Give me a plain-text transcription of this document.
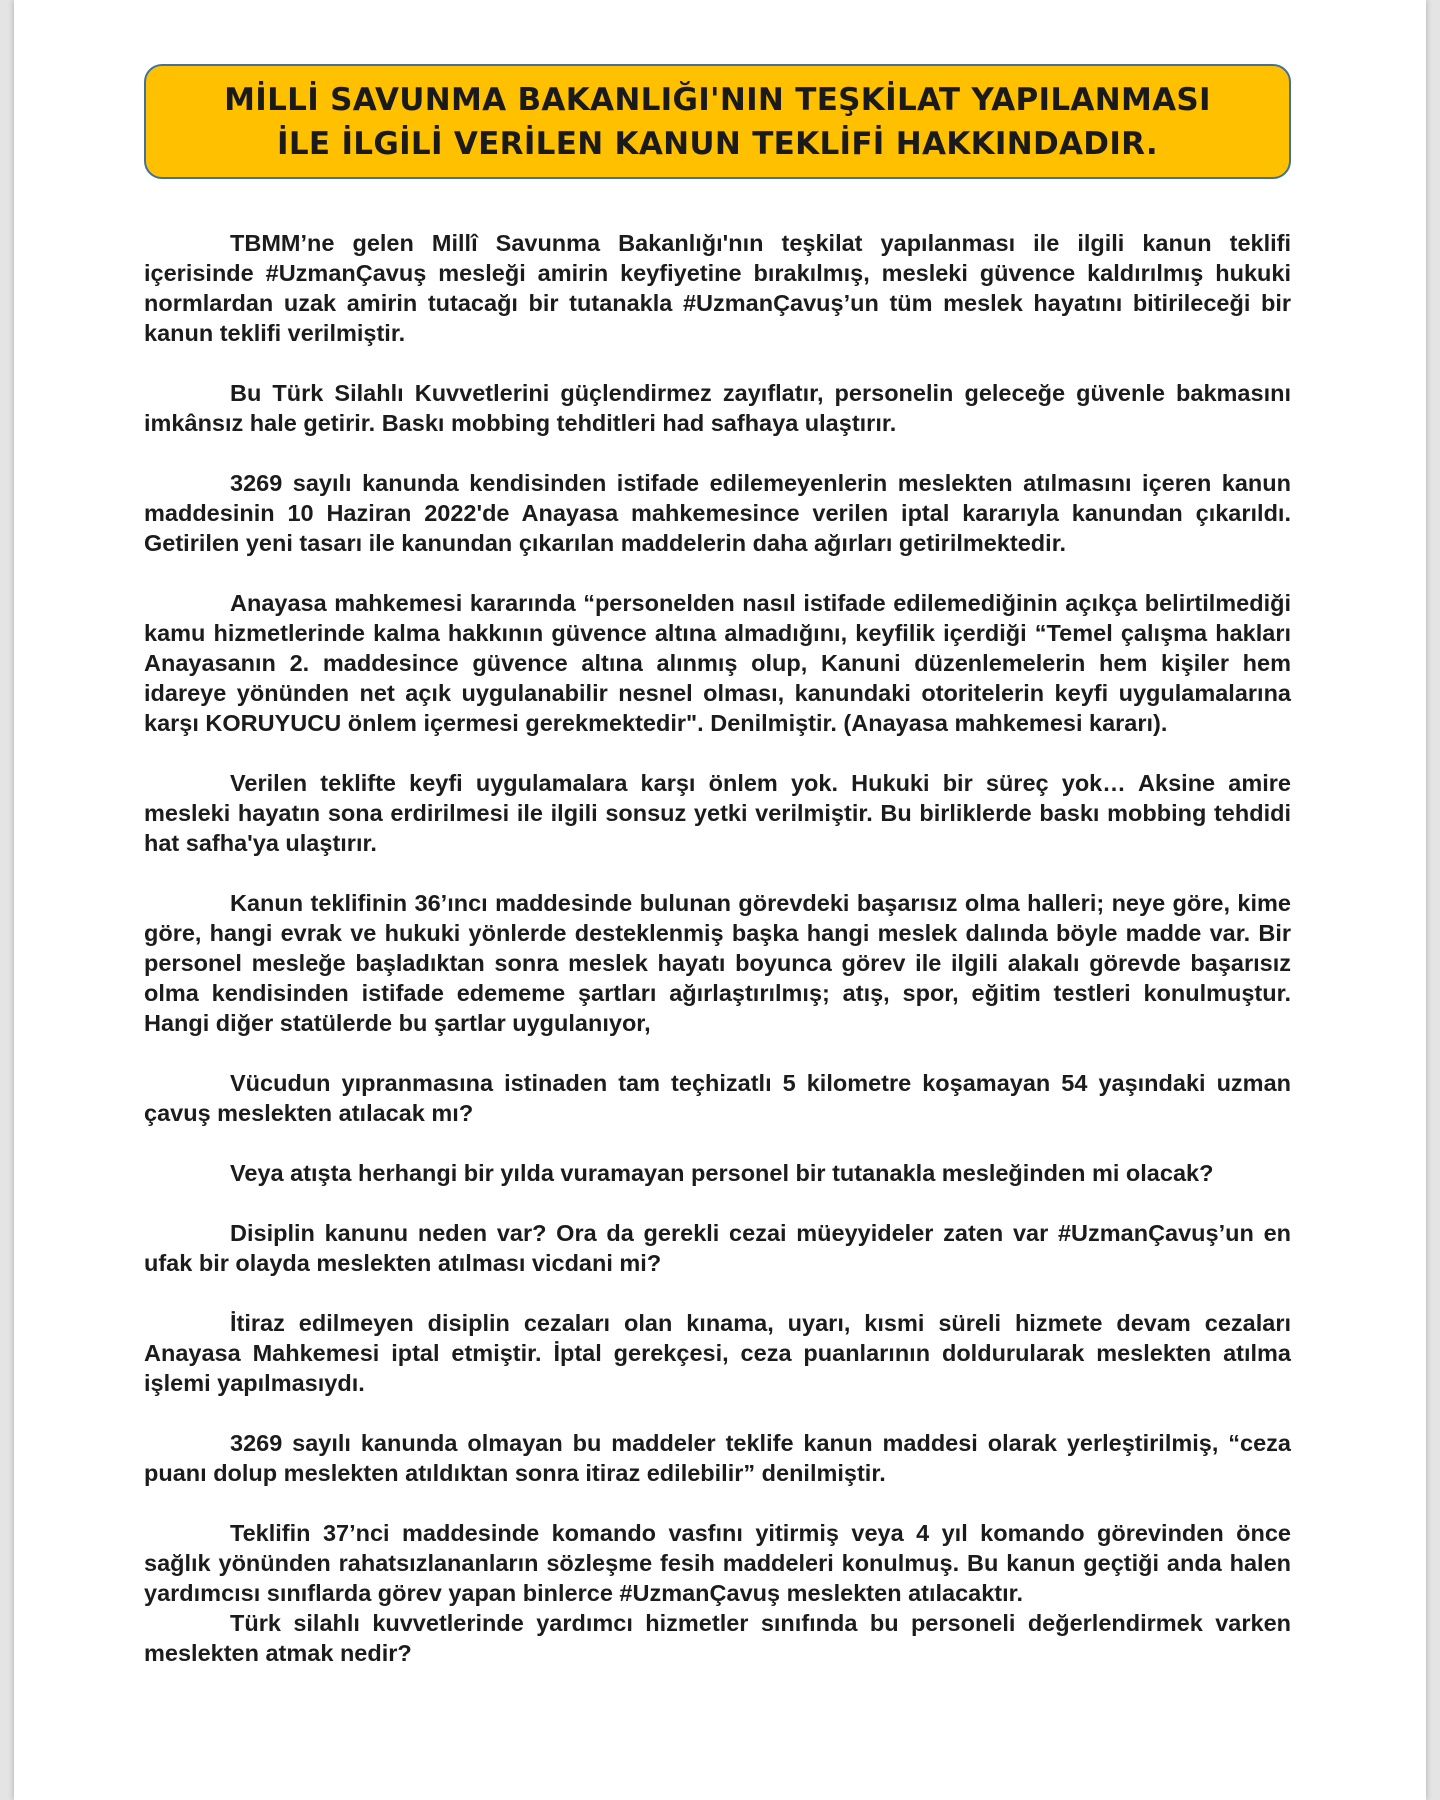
MİLLİ SAVUNMA BAKANLIĞI'NIN TEŞKİLAT YAPILANMASI
İLE İLGİLİ VERİLEN KANUN TEKLİFİ HAKKINDADIR.

TBMM’ne gelen Millî Savunma Bakanlığı'nın teşkilat yapılanması ile ilgili kanun teklifi içerisinde #UzmanÇavuş mesleği amirin keyfiyetine bırakılmış, mesleki güvence kaldırılmış hukuki normlardan uzak amirin tutacağı bir tutanakla #UzmanÇavuş’un tüm meslek hayatını bitirileceği bir kanun teklifi verilmiştir.

Bu Türk Silahlı Kuvvetlerini güçlendirmez zayıflatır, personelin geleceğe güvenle bakmasını imkânsız hale getirir. Baskı mobbing tehditleri had safhaya ulaştırır.

3269 sayılı kanunda kendisinden istifade edilemeyenlerin meslekten atılmasını içeren kanun maddesinin 10 Haziran 2022'de Anayasa mahkemesince verilen iptal kararıyla kanundan çıkarıldı. Getirilen yeni tasarı ile kanundan çıkarılan maddelerin daha ağırları getirilmektedir.

Anayasa mahkemesi kararında “personelden nasıl istifade edilemediğinin açıkça belirtilmediği kamu hizmetlerinde kalma hakkının güvence altına almadığını, keyfilik içerdiği “Temel çalışma hakları Anayasanın 2. maddesince güvence altına alınmış olup, Kanuni düzenlemelerin hem kişiler hem idareye yönünden net açık uygulanabilir nesnel olması, kanundaki otoritelerin keyfi uygulamalarına karşı KORUYUCU önlem içermesi gerekmektedir". Denilmiştir. (Anayasa mahkemesi kararı).

Verilen teklifte keyfi uygulamalara karşı önlem yok. Hukuki bir süreç yok… Aksine amire mesleki hayatın sona erdirilmesi ile ilgili sonsuz yetki verilmiştir. Bu birliklerde baskı mobbing tehdidi hat safha'ya ulaştırır.

Kanun teklifinin 36’ıncı maddesinde bulunan görevdeki başarısız olma halleri; neye göre, kime göre, hangi evrak ve hukuki yönlerde desteklenmiş başka hangi meslek dalında böyle madde var. Bir personel mesleğe başladıktan sonra meslek hayatı boyunca görev ile ilgili alakalı görevde başarısız olma kendisinden istifade edememe şartları ağırlaştırılmış; atış, spor, eğitim testleri konulmuştur. Hangi diğer statülerde bu şartlar uygulanıyor,

Vücudun yıpranmasına istinaden tam teçhizatlı 5 kilometre koşamayan 54 yaşındaki uzman çavuş meslekten atılacak mı?

Veya atışta herhangi bir yılda vuramayan personel bir tutanakla mesleğinden mi olacak?

Disiplin kanunu neden var? Ora da gerekli cezai müeyyideler zaten var #UzmanÇavuş’un en ufak bir olayda meslekten atılması vicdani mi?

İtiraz edilmeyen disiplin cezaları olan kınama, uyarı, kısmi süreli hizmete devam cezaları Anayasa Mahkemesi iptal etmiştir. İptal gerekçesi, ceza puanlarının doldurularak meslekten atılma işlemi yapılmasıydı.

3269 sayılı kanunda olmayan bu maddeler teklife kanun maddesi olarak yerleştirilmiş, “ceza puanı dolup meslekten atıldıktan sonra itiraz edilebilir” denilmiştir.

Teklifin 37’nci maddesinde komando vasfını yitirmiş veya 4 yıl komando görevinden önce sağlık yönünden rahatsızlananların sözleşme fesih maddeleri konulmuş. Bu kanun geçtiği anda halen yardımcısı sınıflarda görev yapan binlerce #UzmanÇavuş meslekten atılacaktır.

Türk silahlı kuvvetlerinde yardımcı hizmetler sınıfında bu personeli değerlendirmek varken meslekten atmak nedir?
